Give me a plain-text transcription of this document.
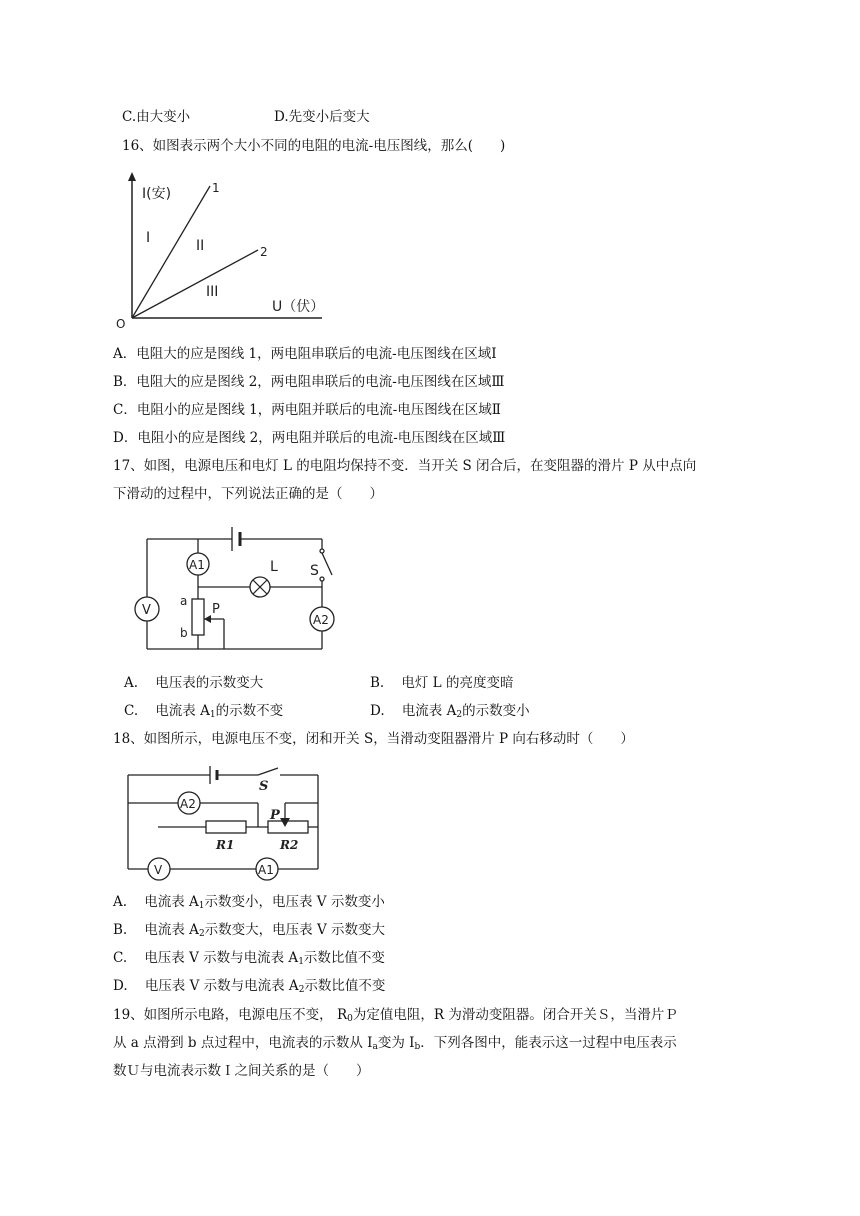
C.由大变小	D.先变小后变大
16、如图表示两个大小不同的电阻的电流-电压图线，那么(　　)
I(安)
U（伏）
O
1
2
I	II
III
A．电阻大的应是图线 1，两电阻串联后的电流-电压图线在区域Ⅰ
B．电阻大的应是图线 2，两电阻串联后的电流-电压图线在区域Ⅲ
C．电阻小的应是图线 1，两电阻并联后的电流-电压图线在区域Ⅱ
D．电阻小的应是图线 2，两电阻并联后的电流-电压图线在区域Ⅲ
17、如图，电源电压和电灯 L 的电阻均保持不变．当开关 S 闭合后，在变阻器的滑片 P 从中点向
下滑动的过程中，下列说法正确的是（　　）
A1
V
A2
L S
P
a
b
A. 电压表的示数变大	B. 电灯 L 的亮度变暗
C. 电流表 A1的示数不变	D. 电流表 A2的示数变小
18、如图所示，电源电压不变，闭和开关 S，当滑动变阻器滑片 P 向右移动时（　　）
A2
V	A1
S
R1	R2
P
A. 电流表 A1示数变小，电压表 V 示数变小
B. 电流表 A2示数变大，电压表 V 示数变大
C. 电压表 V 示数与电流表 A1示数比值不变
D. 电压表 V 示数与电流表 A2示数比值不变
19、如图所示电路，电源电压不变， $R_0$为定值电阻，R 为滑动变阻器。闭合开关Ｓ，当滑片Ｐ
从 a 点滑到 b 点过程中，电流表的示数从 $I_a$变为 $I_b$．下列各图中，能表示这一过程中电压表示
数Ｕ与电流表示数Ｉ之间关系的是（　　）
